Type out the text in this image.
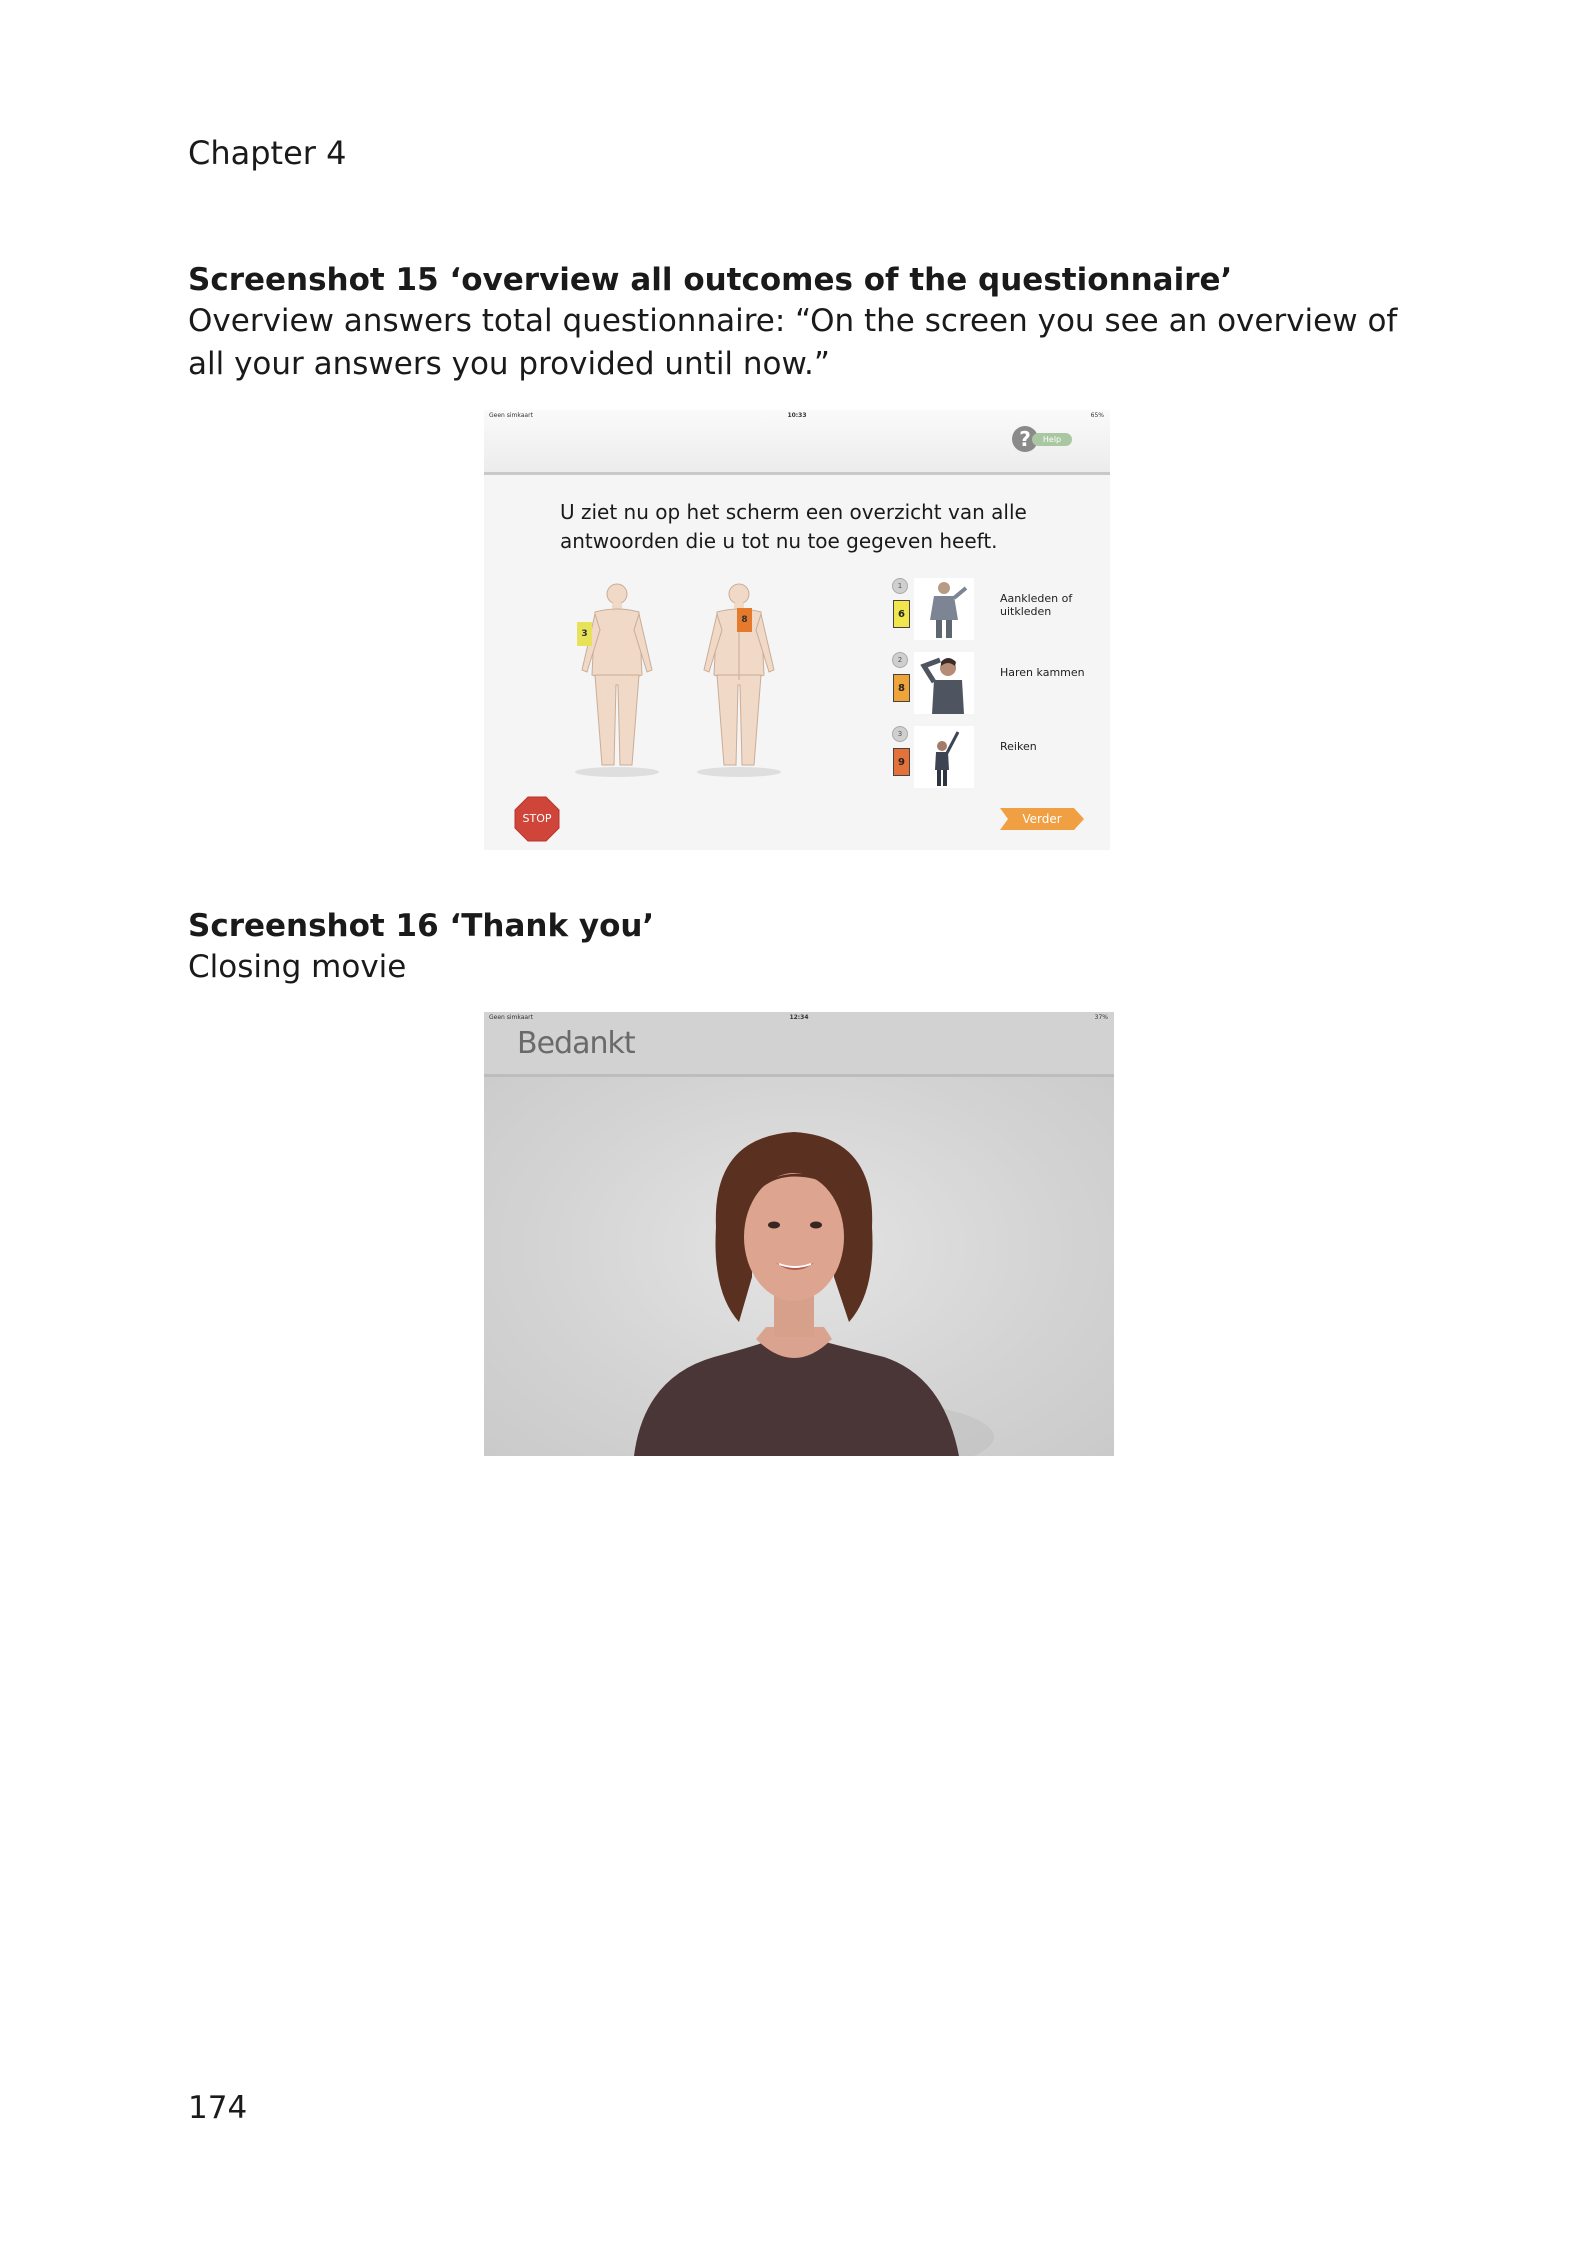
Chapter 4
Screenshot 15 ‘overview all outcomes of the questionnaire’

Overview answers total questionnaire: “On the screen you see an overview of all your answers you provided until now.”

Geen simkaart	10:33	65%
?	Help

U ziet nu op het scherm een overzicht van alle antwoorden die u tot nu toe gegeven heeft.

3
8
1
6
Aankleden of uitkleden
2
8
Haren kammen
3
9
Reiken
STOP	Verder
Screenshot 16 ‘Thank you’

Closing movie

Bedankt
Geen simkaart	12:34	37%
174
